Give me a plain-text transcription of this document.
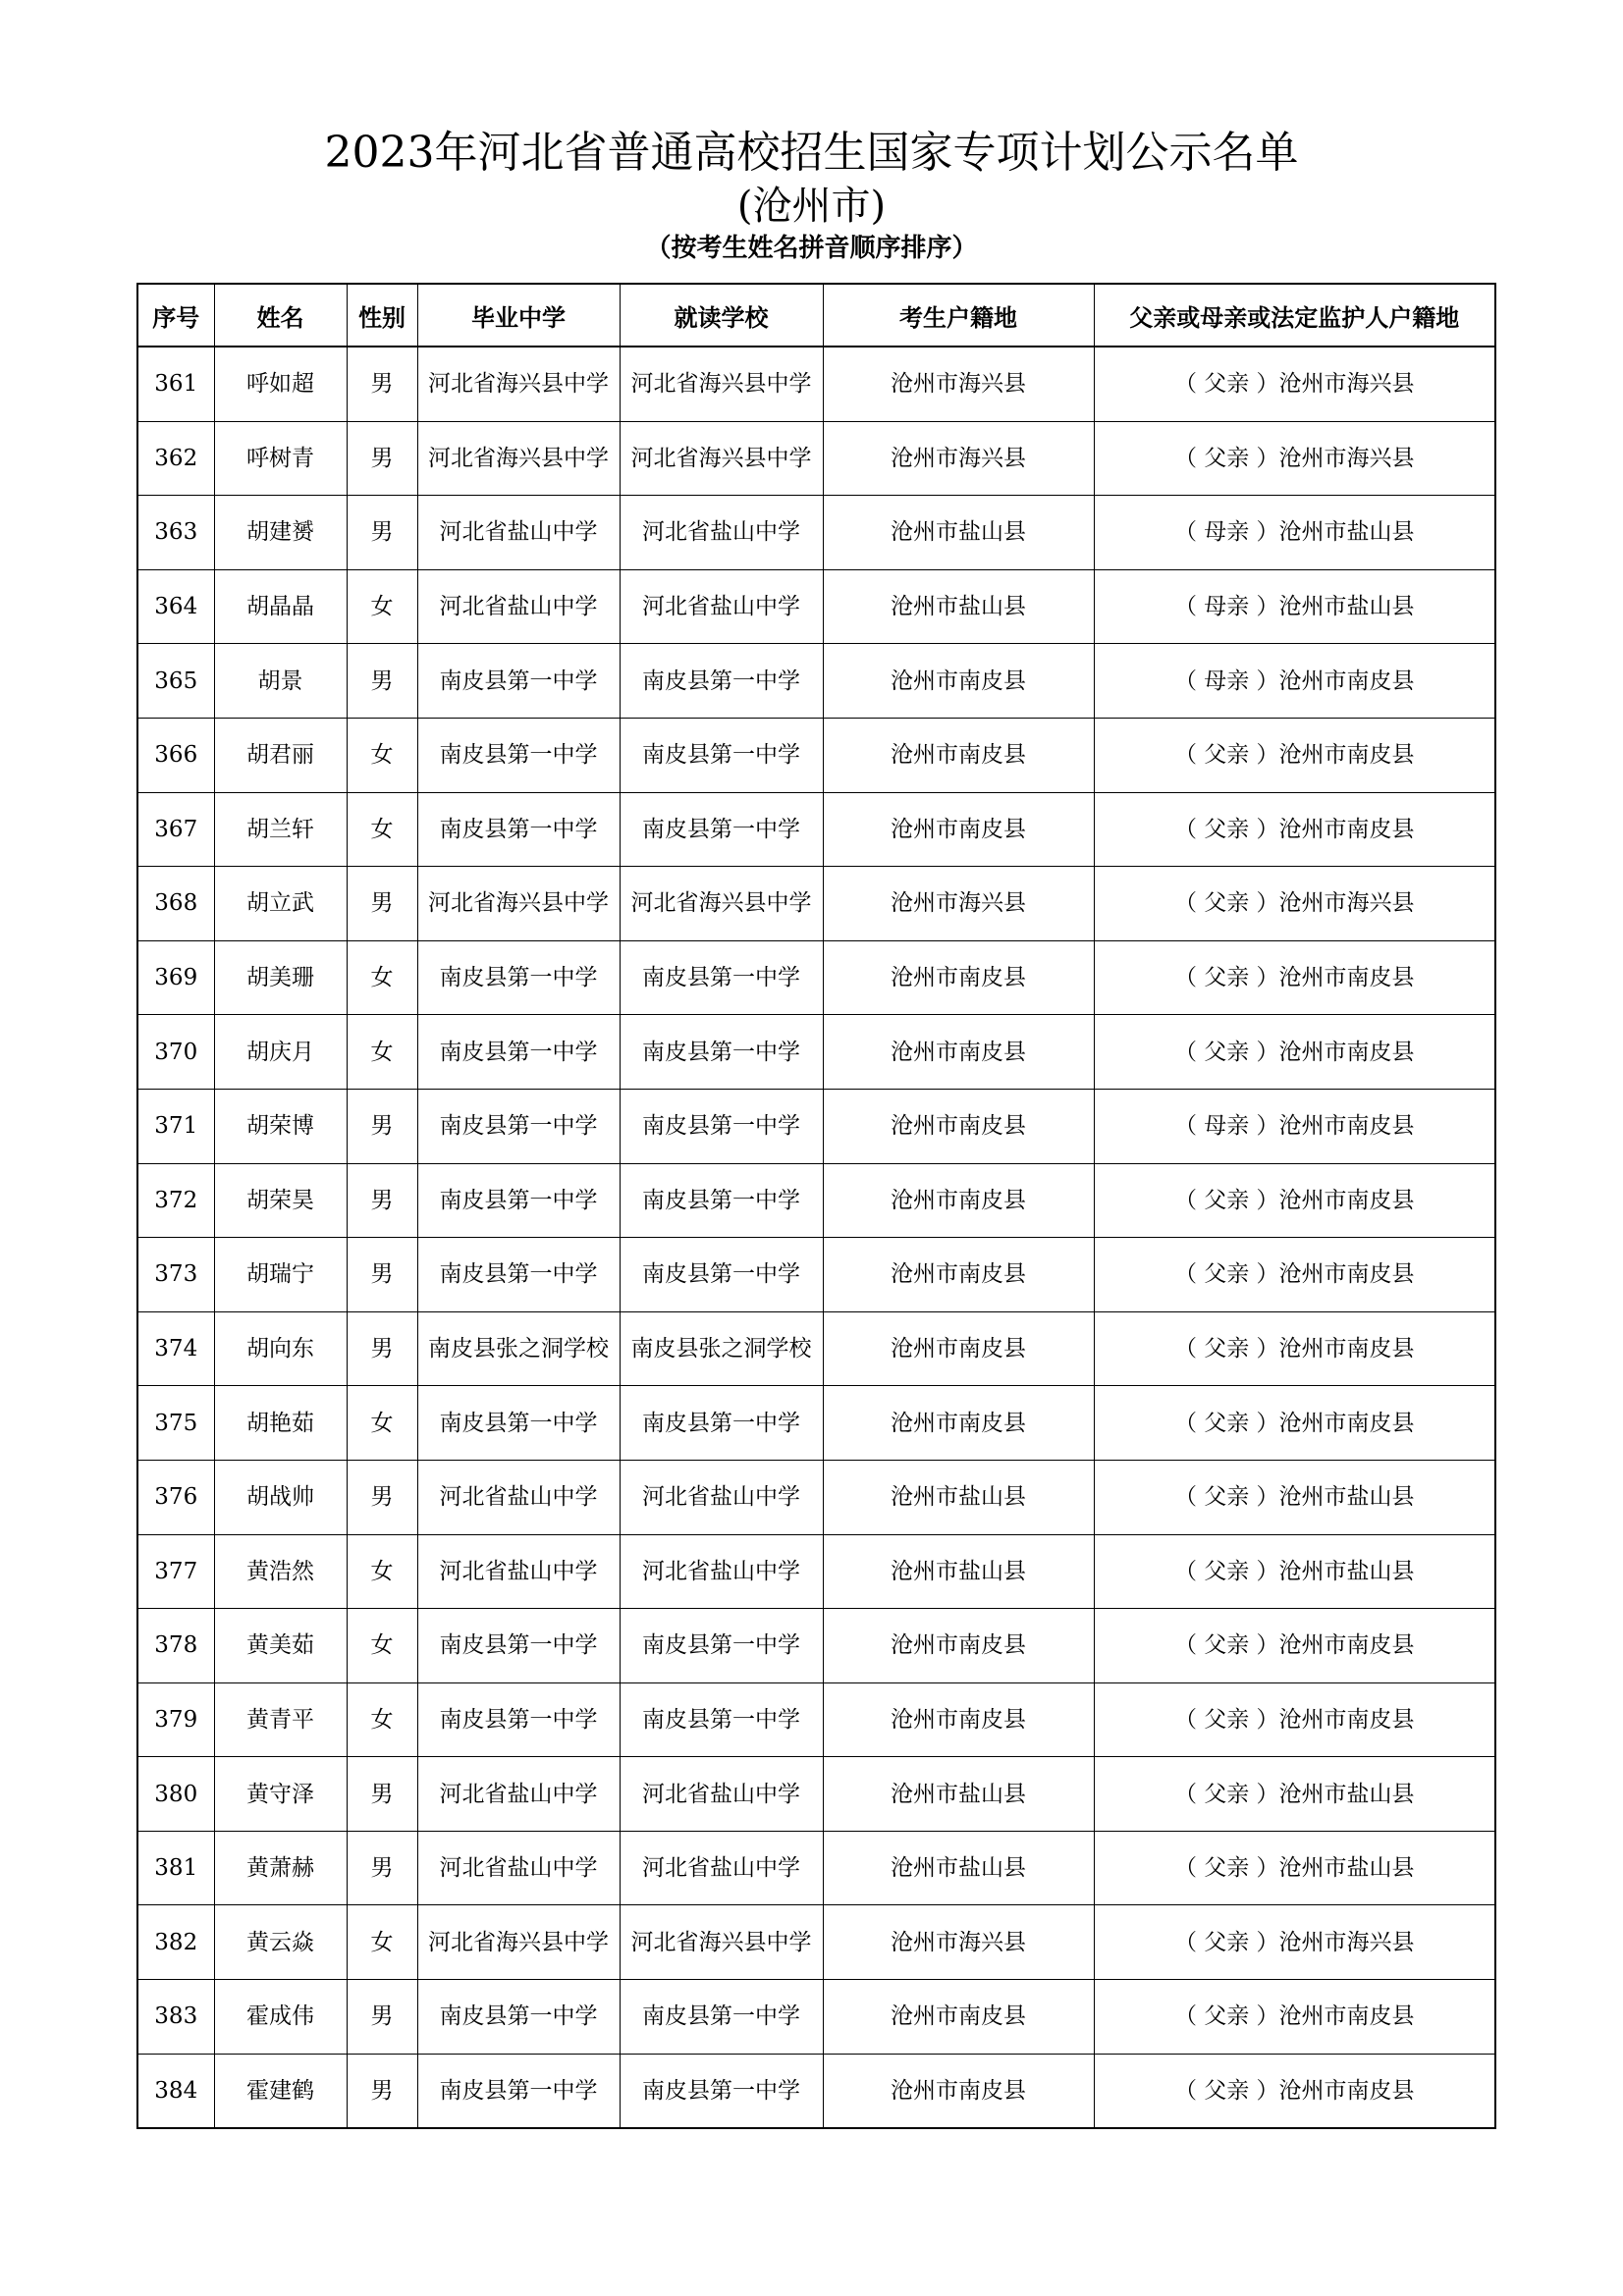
2023年河北省普通高校招生国家专项计划公示名单
(沧州市)
（按考生姓名拼音顺序排序）
序号	姓名	性别	毕业中学	就读学校	考生户籍地	父亲或母亲或法定监护人户籍地
361	呼如超	男	河北省海兴县中学	河北省海兴县中学	沧州市海兴县	（ 父亲 ）沧州市海兴县
362	呼树青	男	河北省海兴县中学	河北省海兴县中学	沧州市海兴县	（ 父亲 ）沧州市海兴县
363	胡建赟	男	河北省盐山中学	河北省盐山中学	沧州市盐山县	（ 母亲 ）沧州市盐山县
364	胡晶晶	女	河北省盐山中学	河北省盐山中学	沧州市盐山县	（ 母亲 ）沧州市盐山县
365	胡景	男	南皮县第一中学	南皮县第一中学	沧州市南皮县	（ 母亲 ）沧州市南皮县
366	胡君丽	女	南皮县第一中学	南皮县第一中学	沧州市南皮县	（ 父亲 ）沧州市南皮县
367	胡兰轩	女	南皮县第一中学	南皮县第一中学	沧州市南皮县	（ 父亲 ）沧州市南皮县
368	胡立武	男	河北省海兴县中学	河北省海兴县中学	沧州市海兴县	（ 父亲 ）沧州市海兴县
369	胡美珊	女	南皮县第一中学	南皮县第一中学	沧州市南皮县	（ 父亲 ）沧州市南皮县
370	胡庆月	女	南皮县第一中学	南皮县第一中学	沧州市南皮县	（ 父亲 ）沧州市南皮县
371	胡荣博	男	南皮县第一中学	南皮县第一中学	沧州市南皮县	（ 母亲 ）沧州市南皮县
372	胡荣昊	男	南皮县第一中学	南皮县第一中学	沧州市南皮县	（ 父亲 ）沧州市南皮县
373	胡瑞宁	男	南皮县第一中学	南皮县第一中学	沧州市南皮县	（ 父亲 ）沧州市南皮县
374	胡向东	男	南皮县张之洞学校	南皮县张之洞学校	沧州市南皮县	（ 父亲 ）沧州市南皮县
375	胡艳茹	女	南皮县第一中学	南皮县第一中学	沧州市南皮县	（ 父亲 ）沧州市南皮县
376	胡战帅	男	河北省盐山中学	河北省盐山中学	沧州市盐山县	（ 父亲 ）沧州市盐山县
377	黄浩然	女	河北省盐山中学	河北省盐山中学	沧州市盐山县	（ 父亲 ）沧州市盐山县
378	黄美茹	女	南皮县第一中学	南皮县第一中学	沧州市南皮县	（ 父亲 ）沧州市南皮县
379	黄青平	女	南皮县第一中学	南皮县第一中学	沧州市南皮县	（ 父亲 ）沧州市南皮县
380	黄守泽	男	河北省盐山中学	河北省盐山中学	沧州市盐山县	（ 父亲 ）沧州市盐山县
381	黄萧赫	男	河北省盐山中学	河北省盐山中学	沧州市盐山县	（ 父亲 ）沧州市盐山县
382	黄云焱	女	河北省海兴县中学	河北省海兴县中学	沧州市海兴县	（ 父亲 ）沧州市海兴县
383	霍成伟	男	南皮县第一中学	南皮县第一中学	沧州市南皮县	（ 父亲 ）沧州市南皮县
384	霍建鹤	男	南皮县第一中学	南皮县第一中学	沧州市南皮县	（ 父亲 ）沧州市南皮县
